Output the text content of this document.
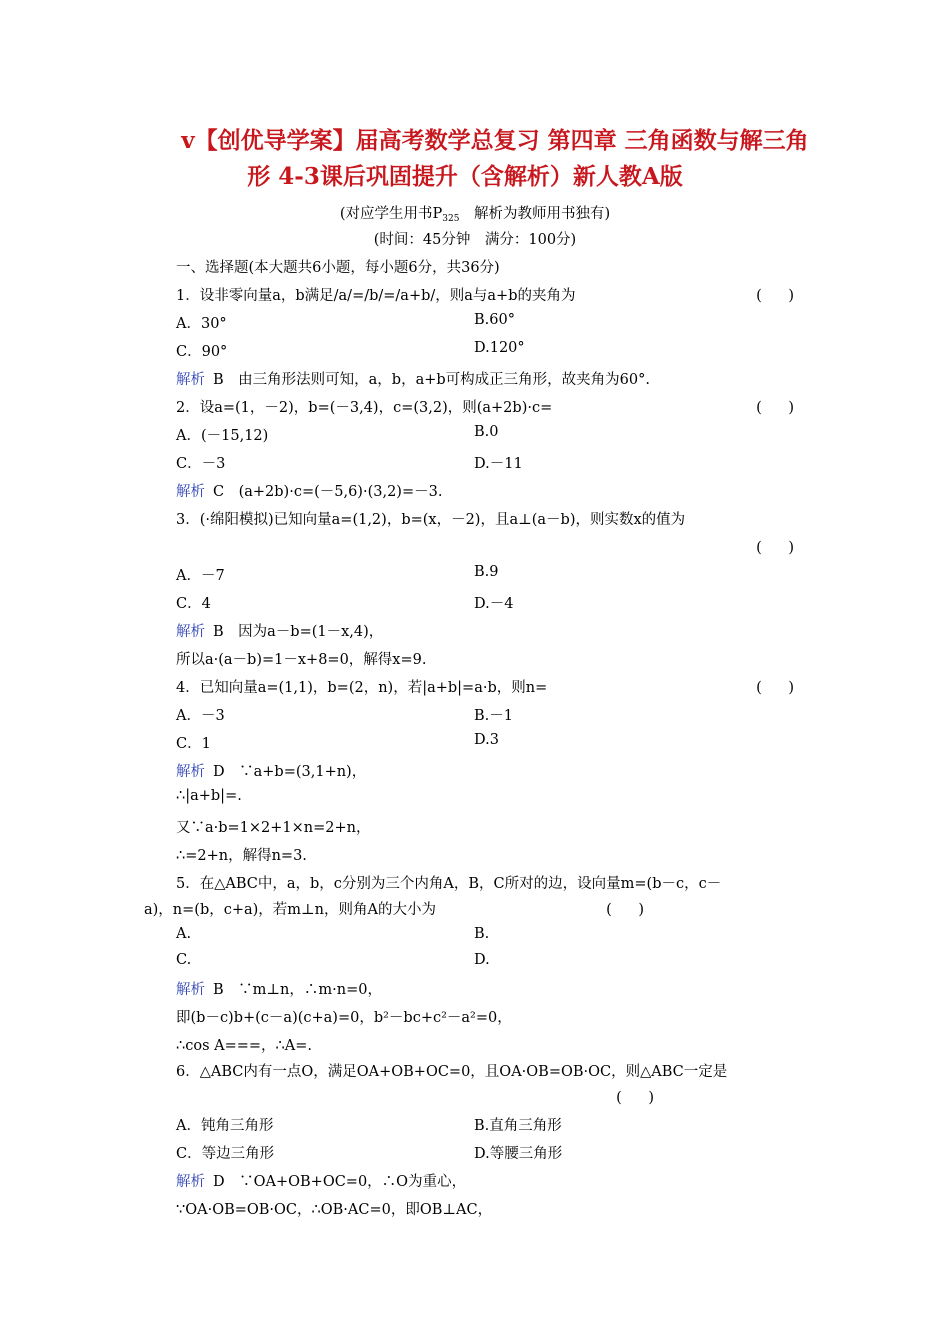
v【创优导学案】届高考数学总复习 第四章 三角函数与解三角
形 4-3课后巩固提升（含解析）新人教A版
(对应学生用书$P_{325}$　解析为教师用书独有)
(时间：45分钟　满分：100分)
一、选择题(本大题共6小题，每小题6分，共36分)
1．设非零向量a，b满足/a/=/b/=/a+b/，则a与a+b的夹角为	(　)
A．30°	B.60°
C．90°	D.120°
解析 B　由三角形法则可知，a，b，a+b可构成正三角形，故夹角为60°.
2．设a=(1，－2)，b=(－3,4)，c=(3,2)，则(a+2b)·c=	(　)
A．(－15,12)	B.0
C．－3	D.－11
解析 C　(a+2b)·c=(－5,6)·(3,2)=－3.
3．(·绵阳模拟)已知向量a=(1,2)，b=(x，－2)，且a⊥(a－b)，则实数x的值为
(　)
A．－7	B.9
C．4	D.－4
解析 B　因为a－b=(1－x,4)，
所以a·(a－b)=1－x+8=0，解得x=9.
4．已知向量a=(1,1)，b=(2，n)，若|a+b|=a·b，则n=	(　)
A．－3	B.－1
C．1	D.3
解析 D　∵a+b=(3,1+n)，
∴|a+b|=.
又∵a·b=1×2+1×n=2+n，
∴=2+n，解得n=3.
5．在△ABC中，a，b，c分别为三个内角A，B，C所对的边，设向量m=(b－c，c－
a)，n=(b，c+a)，若m⊥n，则角A的大小为	(　)
A.	B.
C.	D.
解析 B　∵m⊥n，∴m·n=0，
即(b－c)b+(c－a)(c+a)=0，b²－bc+c²－a²=0，
∴cos A===，∴A=.
6．△ABC内有一点O，满足OA+OB+OC=0，且OA·OB=OB·OC，则△ABC一定是
(　)
A．钝角三角形	B.直角三角形
C．等边三角形	D.等腰三角形
解析 D　∵OA+OB+OC=0，∴O为重心，
∵OA·OB=OB·OC，∴OB·AC=0，即OB⊥AC，
